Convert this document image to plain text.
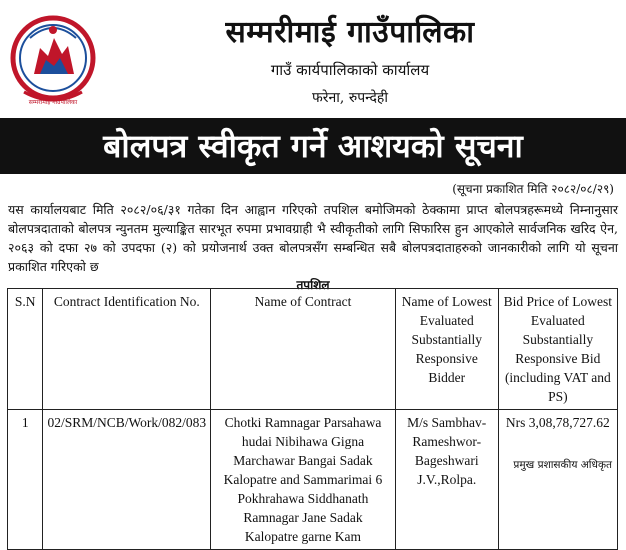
सम्मरीमाई गाउँपालिका
सम्मरीमाई गाउँपालिका
गाउँ कार्यपालिकाको कार्यालय
फरेना, रुपन्देही
बोलपत्र स्वीकृत गर्ने आशयको सूचना
(सूचना प्रकाशित मिति २०८२/०८/२९)
यस कार्यालयबाट मिति २०८२/०६/३१ गतेका दिन आह्वान गरिएको तपशिल बमोजिमको ठेक्कामा प्राप्त बोलपत्रहरूमध्ये निम्नानुसार बोलपत्रदाताको बोलपत्र न्युनतम मुल्याङ्कित सारभूत रुपमा प्रभावग्राही भै स्वीकृतीको लागि सिफारिस हुन आएकोले सार्वजनिक खरिद ऐन, २०६३ को दफा २७ को उपदफा (२) को प्रयोजनार्थ उक्त बोलपत्रसँग सम्बन्धित सबै बोलपत्रदाताहरुको जानकारीको लागि यो सूचना प्रकाशित गरिएको छ
तपशिल
S.N	Contract Identification No.	Name of Contract	Name of Lowest Evaluated Substantially Responsive Bidder	Bid Price of Lowest Evaluated Substantially Responsive Bid (including VAT and PS)
1	02/SRM/NCB/Work/082/083	Chotki Ramnagar Parsahawa hudai Nibihawa Gigna Marchawar Bangai Sadak Kalopatre and Sammarimai 6 Pokhrahawa Siddhanath Ramnagar Jane Sadak Kalopatre garne Kam	M/s Sambhav-Rameshwor-Bageshwari J.V.,Rolpa.	Nrs 3,08,78,727.62
प्रमुख प्रशासकीय अधिकृत
